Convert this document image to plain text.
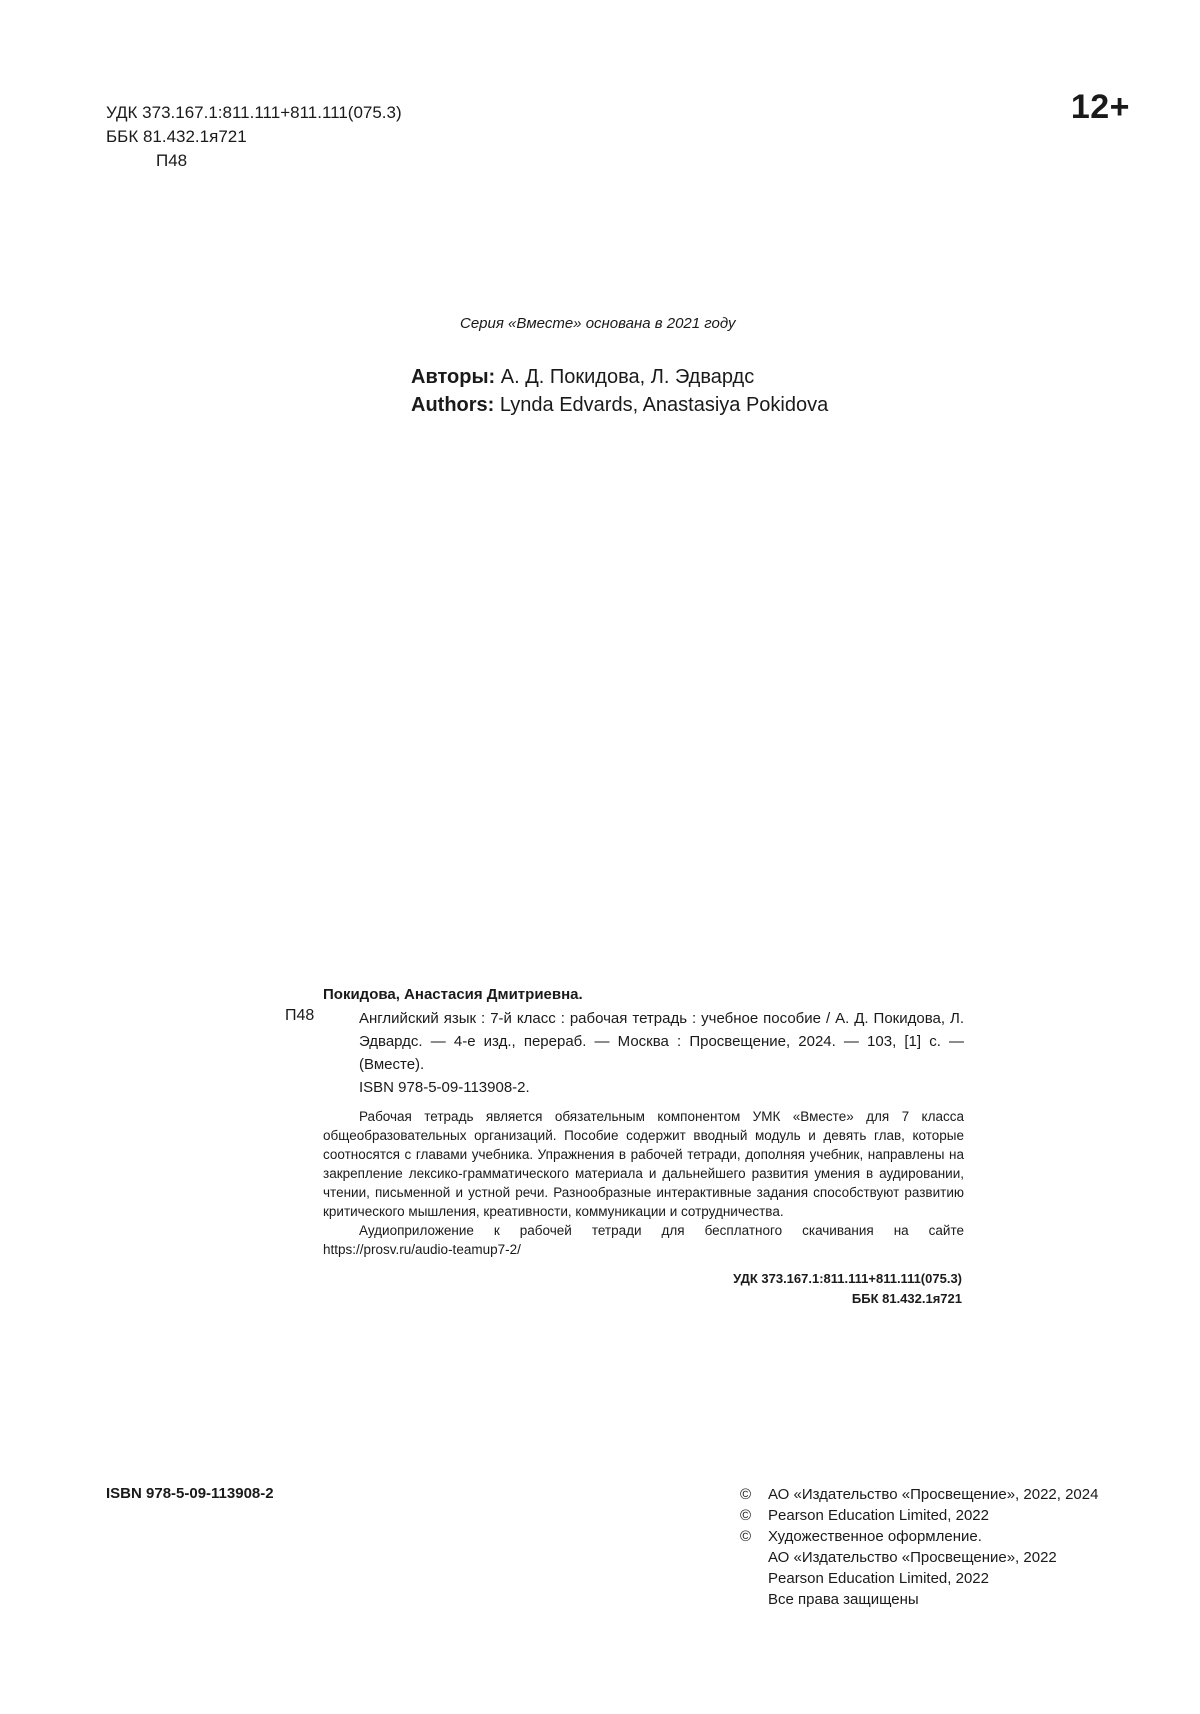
УДК 373.167.1:811.111+811.111(075.3)
ББК 81.432.1я721
П48
12+
Серия «Вместе» основана в 2021 году
Авторы: А. Д. Покидова, Л. Эдвардс
Authors: Lynda Edvards, Anastasiya Pokidova
Покидова, Анастасия Дмитриевна.
П48	Английский язык : 7-й класс : рабочая тетрадь : учебное пособие / А. Д. Покидова, Л. Эдвардс. — 4-е изд., перераб. — Москва : Просвещение, 2024. — 103, [1] с. — (Вместе).
ISBN 978-5-09-113908-2.

Рабочая тетрадь является обязательным компонентом УМК «Вместе» для 7 класса общеобразовательных организаций. Пособие содержит вводный модуль и девять глав, которые соотносятся с главами учебника. Упражнения в рабочей тетради, дополняя учебник, направлены на закрепление лексико-грамматического материала и дальнейшего развития умения в аудировании, чтении, письменной и устной речи. Разнообразные интерактивные задания способствуют развитию критического мышления, креативности, коммуникации и сотрудничества.

Аудиоприложение к рабочей тетради для бесплатного скачивания на сайте https://prosv.ru/audio-teamup7-2/

УДК 373.167.1:811.111+811.111(075.3)
ББК 81.432.1я721
ISBN 978-5-09-113908-2	©	АО «Издательство «Просвещение», 2022, 2024
©	Pearson Education Limited, 2022
©	Художественное оформление.
АО «Издательство «Просвещение», 2022
Pearson Education Limited, 2022
Все права защищены
